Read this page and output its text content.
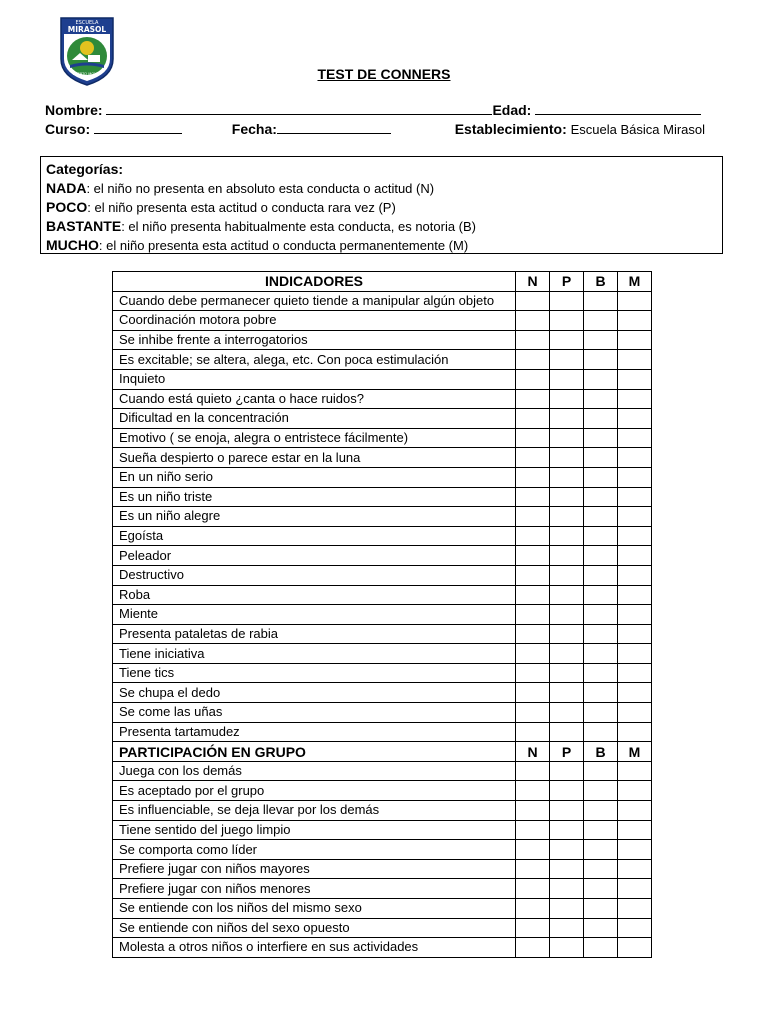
ESCUELA
MIRASOL
PUERTO MONTT	TEST DE CONNERS
Nombre:	Edad:
Curso:	Fecha:	Establecimiento: Escuela Básica Mirasol
Categorías:
NADA: el niño no presenta en absoluto esta conducta o actitud (N)
POCO: el niño presenta esta actitud o conducta rara vez (P)
BASTANTE: el niño presenta habitualmente esta conducta, es notoria (B)
MUCHO: el niño presenta esta actitud o conducta permanentemente (M)
INDICADORES	N	P	B	M
Cuando debe permanecer quieto tiende a manipular algún objeto				
Coordinación motora pobre				
Se inhibe frente a interrogatorios				
Es excitable; se altera, alega, etc. Con poca estimulación				
Inquieto				
Cuando está quieto ¿canta o hace ruidos?				
Dificultad en la concentración				
Emotivo ( se enoja, alegra o entristece fácilmente)				
Sueña despierto o parece estar en la luna				
En un niño serio				
Es un niño triste				
Es un niño alegre				
Egoísta				
Peleador				
Destructivo				
Roba				
Miente				
Presenta pataletas de rabia				
Tiene iniciativa				
Tiene tics				
Se chupa el dedo				
Se come las uñas				
Presenta tartamudez				
PARTICIPACIÓN EN GRUPO	N	P	B	M
Juega con los demás				
Es aceptado por el grupo				
Es influenciable, se deja llevar por los demás				
Tiene sentido del juego limpio				
Se comporta como líder				
Prefiere jugar con niños mayores				
Prefiere jugar con niños menores				
Se entiende con los niños del mismo sexo				
Se entiende con niños del sexo opuesto				
Molesta a otros niños o interfiere en sus actividades				
